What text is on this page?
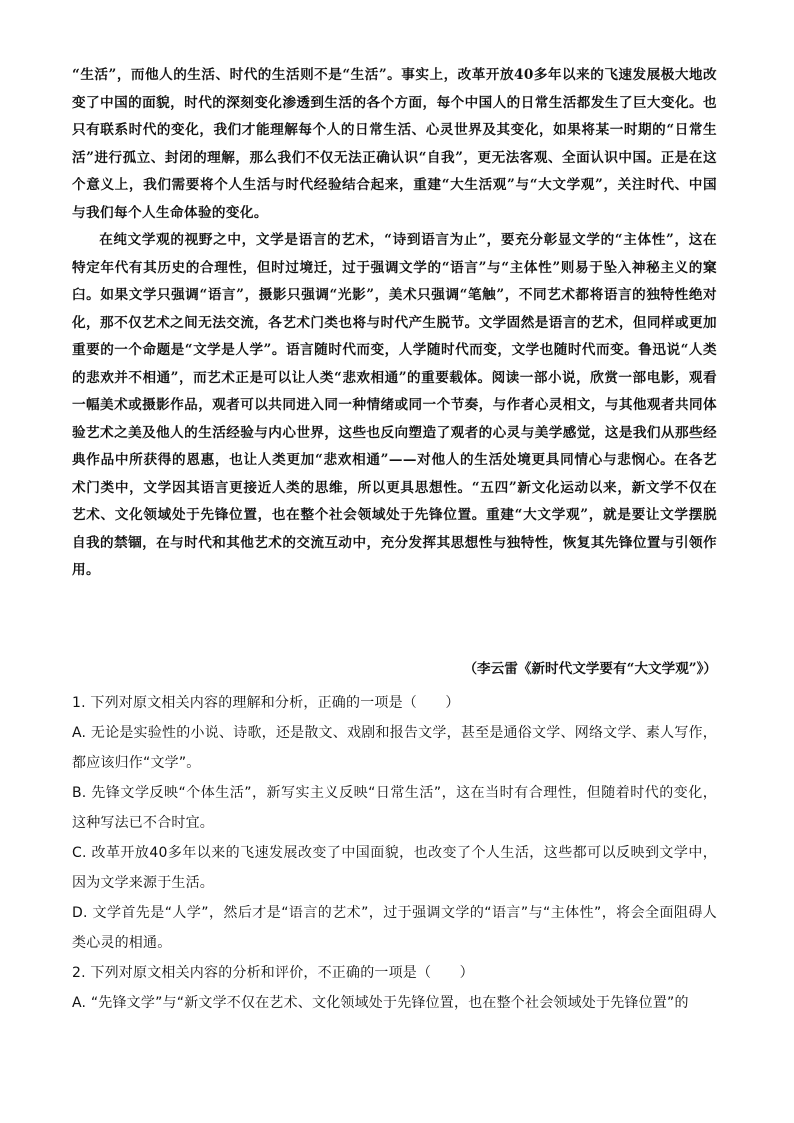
“生活”，而他人的生活、时代的生活则不是“生活”。事实上，改革开放40多年以来的飞速发展极大地改变了中国的面貌，时代的深刻变化渗透到生活的各个方面，每个中国人的日常生活都发生了巨大变化。也只有联系时代的变化，我们才能理解每个人的日常生活、心灵世界及其变化，如果将某一时期的“日常生活”进行孤立、封闭的理解，那么我们不仅无法正确认识“自我”，更无法客观、全面认识中国。正是在这个意义上，我们需要将个人生活与时代经验结合起来，重建“大生活观”与“大文学观”，关注时代、中国与我们每个人生命体验的变化。

在纯文学观的视野之中，文学是语言的艺术，“诗到语言为止”，要充分彰显文学的“主体性”，这在特定年代有其历史的合理性，但时过境迁，过于强调文学的“语言”与“主体性”则易于坠入神秘主义的窠臼。如果文学只强调“语言”，摄影只强调“光影”，美术只强调“笔触”，不同艺术都将语言的独特性绝对化，那不仅艺术之间无法交流，各艺术门类也将与时代产生脱节。文学固然是语言的艺术，但同样或更加重要的一个命题是“文学是人学”。语言随时代而变，人学随时代而变，文学也随时代而变。鲁迅说“人类的悲欢并不相通”，而艺术正是可以让人类“悲欢相通”的重要载体。阅读一部小说，欣赏一部电影，观看一幅美术或摄影作品，观者可以共同进入同一种情绪或同一个节奏，与作者心灵相文，与其他观者共同体验艺术之美及他人的生活经验与内心世界，这些也反向塑造了观者的心灵与美学感觉，这是我们从那些经典作品中所获得的恩惠，也让人类更加“悲欢相通”——对他人的生活处境更具同情心与悲悯心。在各艺术门类中，文学因其语言更接近人类的思维，所以更具思想性。“五四”新文化运动以来，新文学不仅在艺术、文化领域处于先锋位置，也在整个社会领域处于先锋位置。重建“大文学观”，就是要让文学摆脱自我的禁锢，在与时代和其他艺术的交流互动中，充分发挥其思想性与独特性，恢复其先锋位置与引领作用。

（李云雷《新时代文学要有“大文学观”》）

1. 下列对原文相关内容的理解和分析，正确的一项是（　　）

A. 无论是实验性的小说、诗歌，还是散文、戏剧和报告文学，甚至是通俗文学、网络文学、素人写作，都应该归作“文学”。

B. 先锋文学反映“个体生活”，新写实主义反映“日常生活”，这在当时有合理性，但随着时代的变化，这种写法已不合时宜。

C. 改革开放40多年以来的飞速发展改变了中国面貌，也改变了个人生活，这些都可以反映到文学中，因为文学来源于生活。

D. 文学首先是“人学”，然后才是“语言的艺术”，过于强调文学的“语言”与“主体性”，将会全面阻碍人类心灵的相通。

2. 下列对原文相关内容的分析和评价，不正确的一项是（　　）

A. “先锋文学”与“新文学不仅在艺术、文化领域处于先锋位置，也在整个社会领域处于先锋位置”的
